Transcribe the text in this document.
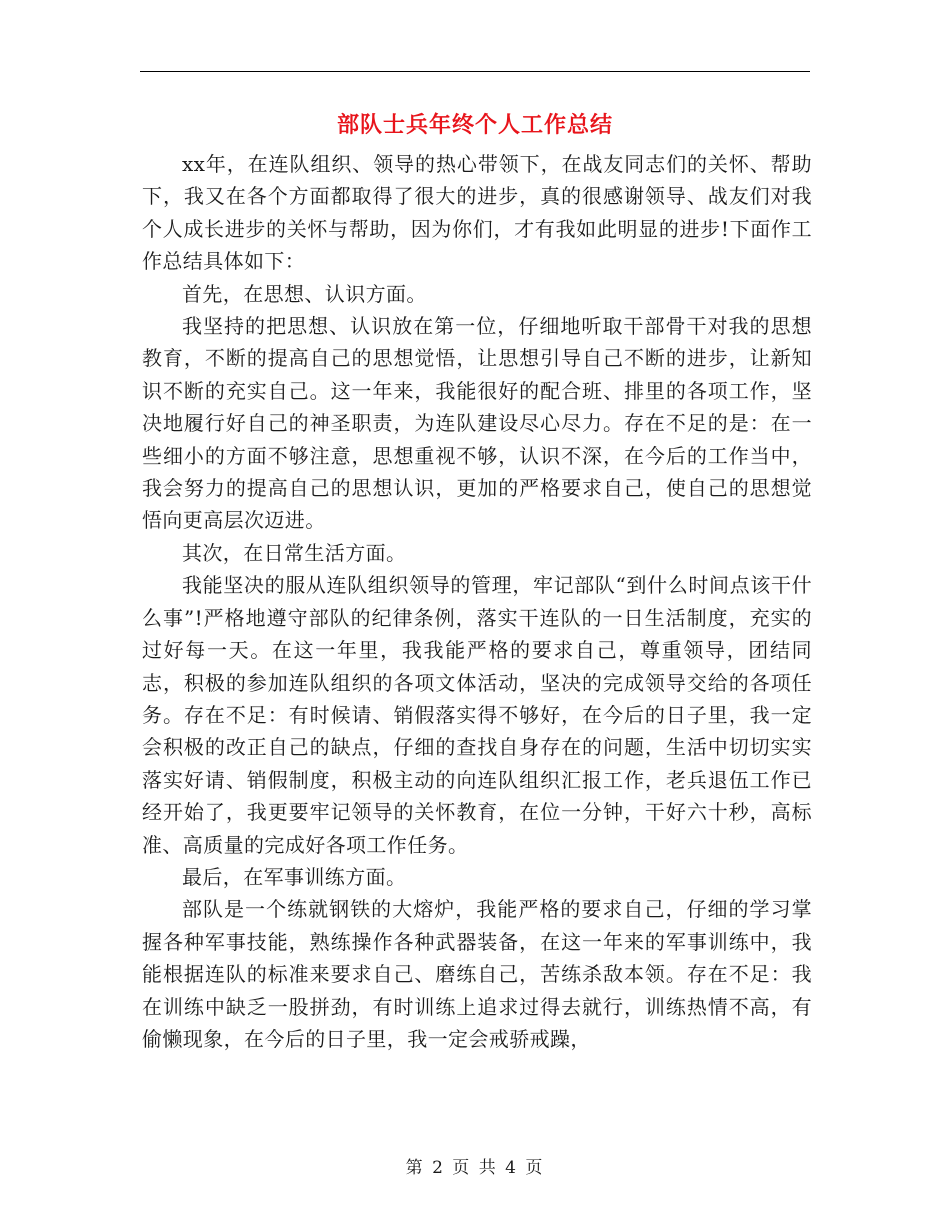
部队士兵年终个人工作总结

xx年，在连队组织、领导的热心带领下，在战友同志们的关怀、帮助下，我又在各个方面都取得了很大的进步，真的很感谢领导、战友们对我个人成长进步的关怀与帮助，因为你们，才有我如此明显的进步!下面作工作总结具体如下：

首先，在思想、认识方面。

我坚持的把思想、认识放在第一位，仔细地听取干部骨干对我的思想教育，不断的提高自己的思想觉悟，让思想引导自己不断的进步，让新知识不断的充实自己。这一年来，我能很好的配合班、排里的各项工作，坚决地履行好自己的神圣职责，为连队建设尽心尽力。存在不足的是：在一些细小的方面不够注意，思想重视不够，认识不深，在今后的工作当中，我会努力的提高自己的思想认识，更加的严格要求自己，使自己的思想觉悟向更高层次迈进。

其次，在日常生活方面。

我能坚决的服从连队组织领导的管理，牢记部队“到什么时间点该干什么事”!严格地遵守部队的纪律条例，落实干连队的一日生活制度，充实的过好每一天。在这一年里，我我能严格的要求自己，尊重领导，团结同志，积极的参加连队组织的各项文体活动，坚决的完成领导交给的各项任务。存在不足：有时候请、销假落实得不够好，在今后的日子里，我一定会积极的改正自己的缺点，仔细的查找自身存在的问题，生活中切切实实落实好请、销假制度，积极主动的向连队组织汇报工作，老兵退伍工作已经开始了，我更要牢记领导的关怀教育，在位一分钟，干好六十秒，高标准、高质量的完成好各项工作任务。

最后，在军事训练方面。

部队是一个练就钢铁的大熔炉，我能严格的要求自己，仔细的学习掌握各种军事技能，熟练操作各种武器装备，在这一年来的军事训练中，我能根据连队的标准来要求自己、磨练自己，苦练杀敌本领。存在不足：我在训练中缺乏一股拼劲，有时训练上追求过得去就行，训练热情不高，有偷懒现象，在今后的日子里，我一定会戒骄戒躁，

第 2 页 共 4 页
